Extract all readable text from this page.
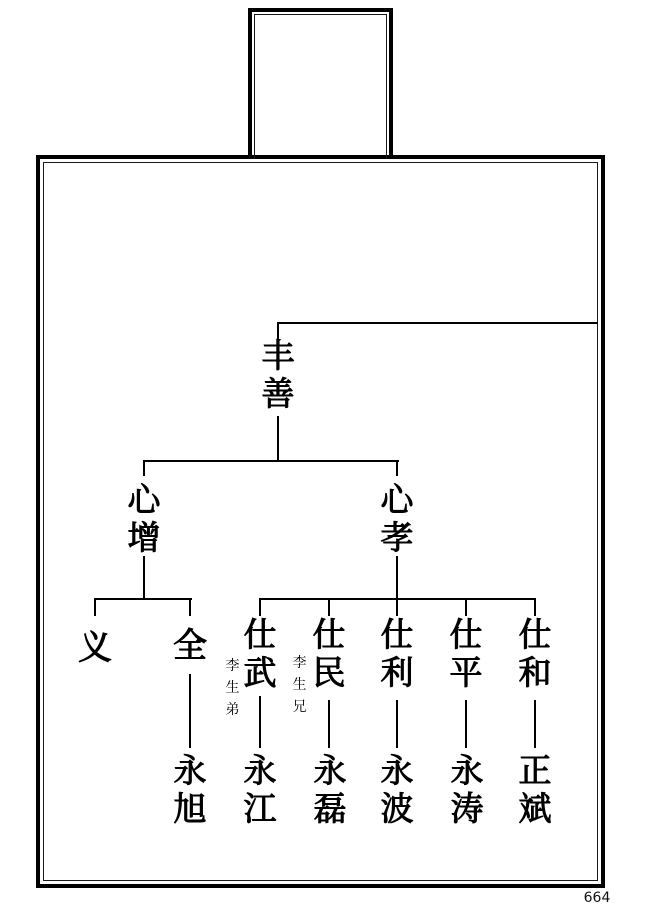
丰善
心增
心孝
义 全 仕武
李生弟
仕民
李生兄
仕利
仕平
仕和
永旭
永江
永磊
永波
永涛
正斌
664
